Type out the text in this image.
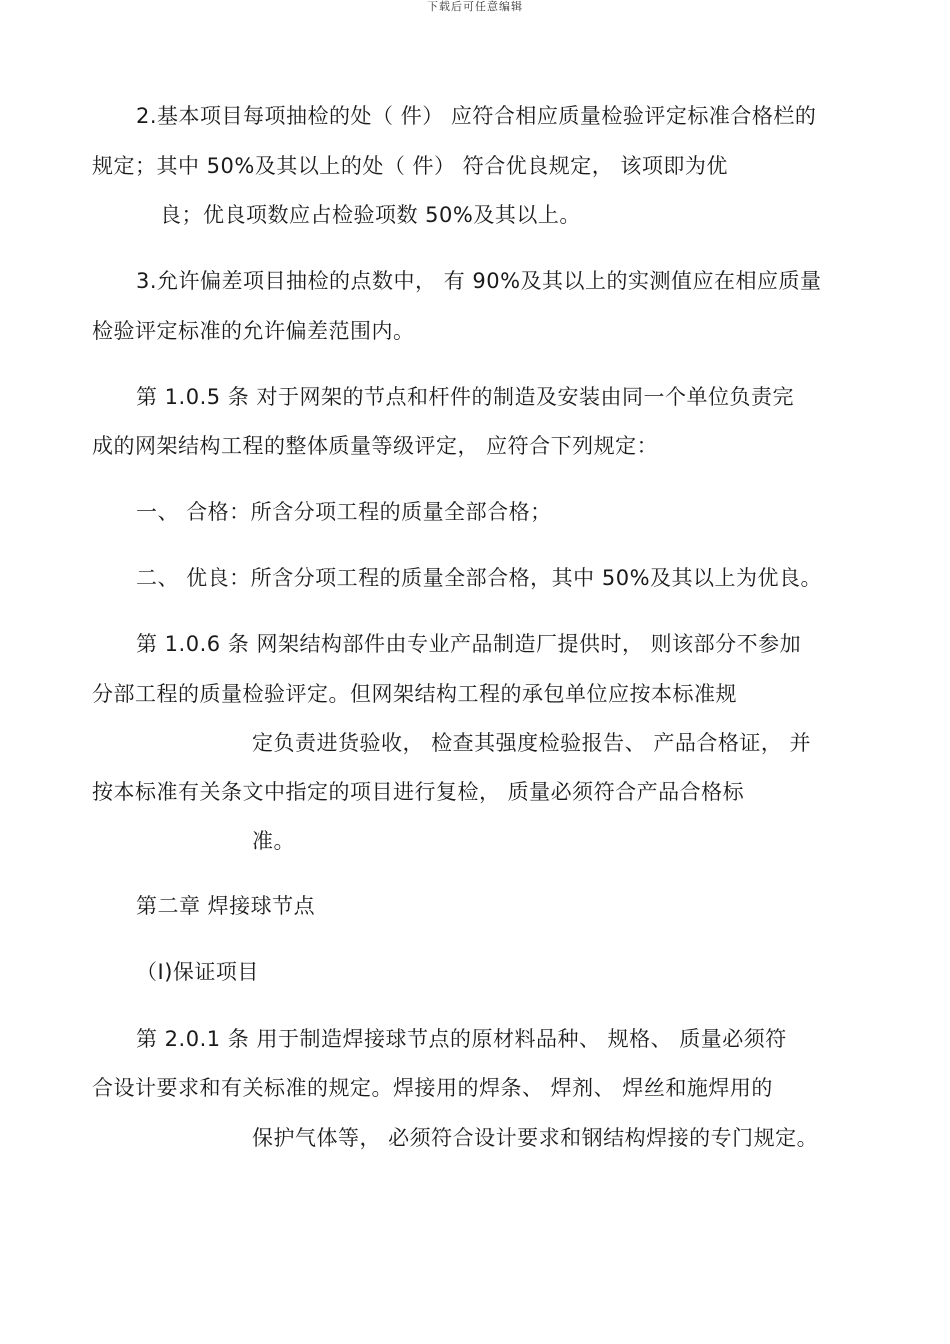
下载后可任意编辑
2.基本项目每项抽检的处（ 件） 应符合相应质量检验评定标准合格栏的
规定；其中 50%及其以上的处（ 件） 符合优良规定， 该项即为优
良；优良项数应占检验项数 50%及其以上。
3.允许偏差项目抽检的点数中， 有 90%及其以上的实测值应在相应质量
检验评定标准的允许偏差范围内。
第 1.0.5 条 对于网架的节点和杆件的制造及安装由同一个单位负责完
成的网架结构工程的整体质量等级评定， 应符合下列规定：
一、 合格：所含分项工程的质量全部合格；
二、 优良：所含分项工程的质量全部合格，其中 50%及其以上为优良。
第 1.0.6 条 网架结构部件由专业产品制造厂提供时， 则该部分不参加
分部工程的质量检验评定。但网架结构工程的承包单位应按本标准规
定负责进货验收， 检查其强度检验报告、 产品合格证， 并
按本标准有关条文中指定的项目进行复检， 质量必须符合产品合格标
准。
第二章 焊接球节点
（Ⅰ)保证项目
第 2.0.1 条 用于制造焊接球节点的原材料品种、 规格、 质量必须符
合设计要求和有关标准的规定。焊接用的焊条、 焊剂、 焊丝和施焊用的
保护气体等， 必须符合设计要求和钢结构焊接的专门规定。
